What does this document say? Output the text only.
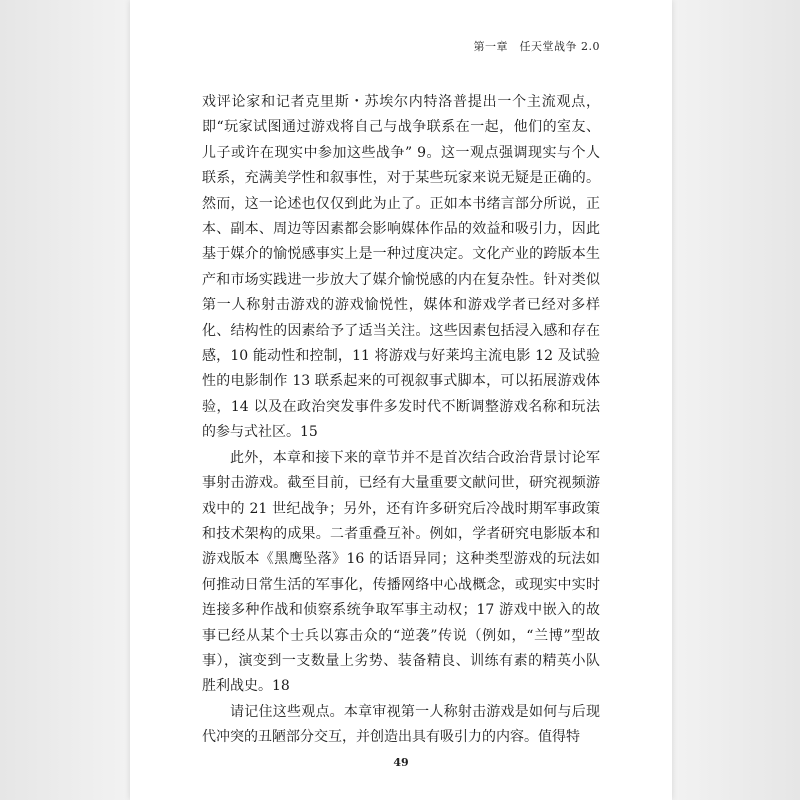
第一章　任天堂战争 2.0

戏评论家和记者克里斯・苏埃尔内特洛普提出一个主流观点，即“玩家试图通过游戏将自己与战争联系在一起，他们的室友、儿子或许在现实中参加这些战争” 9。这一观点强调现实与个人联系，充满美学性和叙事性，对于某些玩家来说无疑是正确的。然而，这一论述也仅仅到此为止了。正如本书绪言部分所说，正本、副本、周边等因素都会影响媒体作品的效益和吸引力，因此基于媒介的愉悦感事实上是一种过度决定。文化产业的跨版本生产和市场实践进一步放大了媒介愉悦感的内在复杂性。针对类似第一人称射击游戏的游戏愉悦性，媒体和游戏学者已经对多样化、结构性的因素给予了适当关注。这些因素包括浸入感和存在感，10 能动性和控制，11 将游戏与好莱坞主流电影 12 及试验性的电影制作 13 联系起来的可视叙事式脚本，可以拓展游戏体验，14 以及在政治突发事件多发时代不断调整游戏名称和玩法的参与式社区。15

此外，本章和接下来的章节并不是首次结合政治背景讨论军事射击游戏。截至目前，已经有大量重要文献问世，研究视频游戏中的 21 世纪战争；另外，还有许多研究后冷战时期军事政策和技术架构的成果。二者重叠互补。例如，学者研究电影版本和游戏版本《黑鹰坠落》16 的话语异同；这种类型游戏的玩法如何推动日常生活的军事化，传播网络中心战概念，或现实中实时连接多种作战和侦察系统争取军事主动权；17 游戏中嵌入的故事已经从某个士兵以寡击众的“逆袭”传说（例如，“兰博”型故事），演变到一支数量上劣势、装备精良、训练有素的精英小队胜利战史。18

请记住这些观点。本章审视第一人称射击游戏是如何与后现代冲突的丑陋部分交互，并创造出具有吸引力的内容。值得特

49
